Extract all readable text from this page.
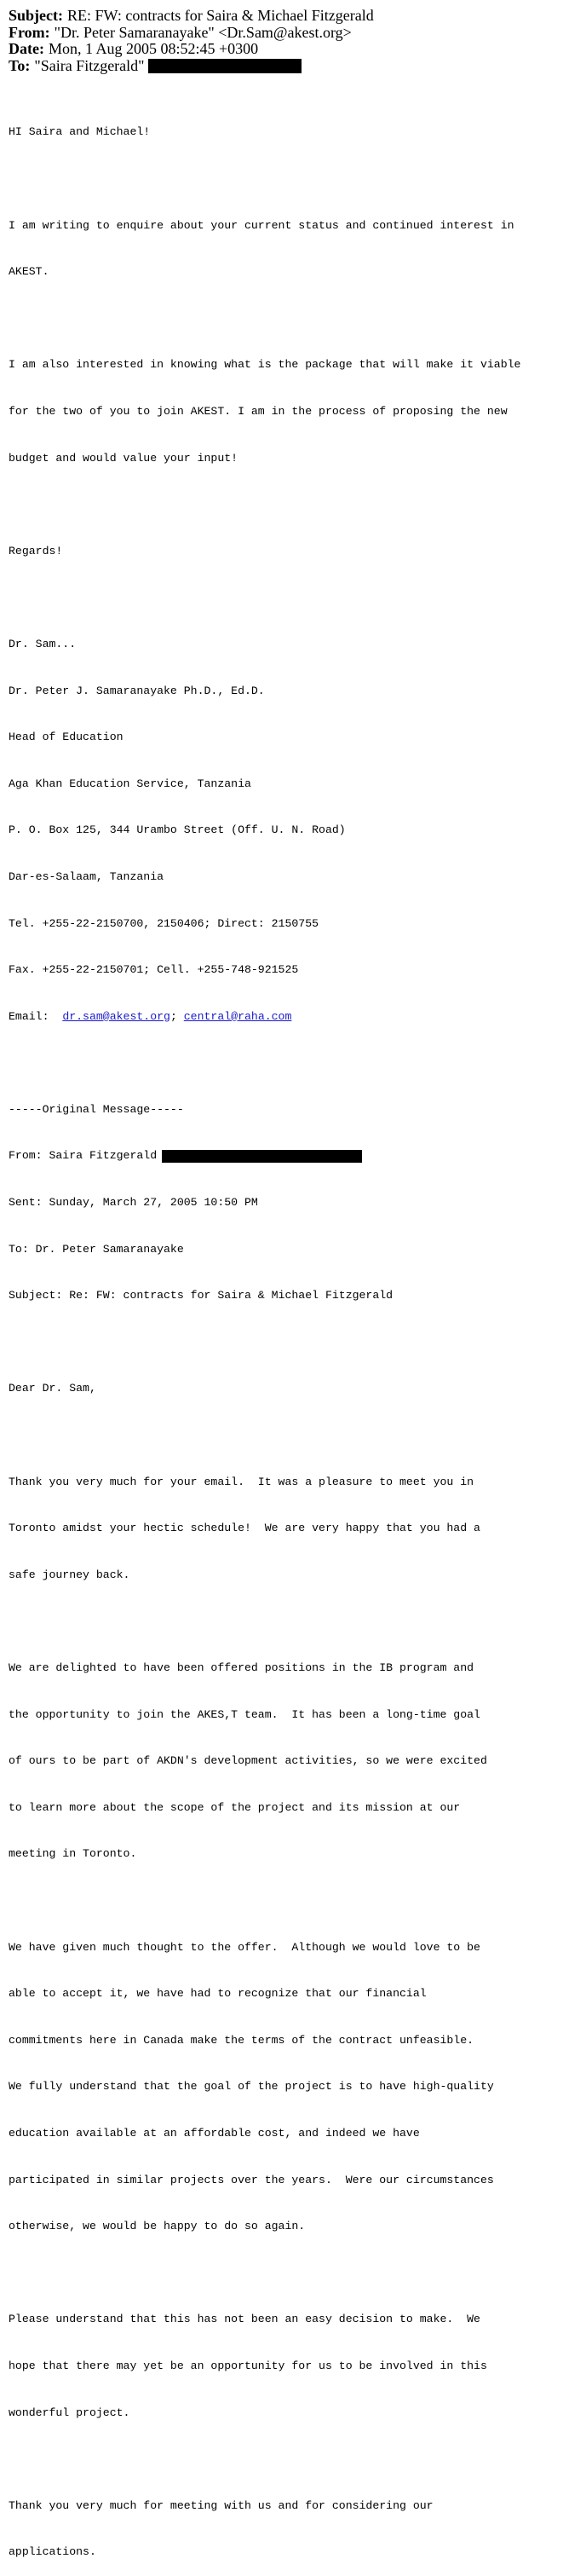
Subject: RE: FW: contracts for Saira & Michael Fitzgerald
From: "Dr. Peter Samaranayake" <Dr.Sam@akest.org>
Date: Mon, 1 Aug 2005 08:52:45 +0300
To: "Saira Fitzgerald"

HI Saira and Michael!

I am writing to enquire about your current status and continued interest in

AKEST.

I am also interested in knowing what is the package that will make it viable

for the two of you to join AKEST. I am in the process of proposing the new

budget and would value your input!

Regards!

Dr. Sam...

Dr. Peter J. Samaranayake Ph.D., Ed.D.

Head of Education

Aga Khan Education Service, Tanzania

P. O. Box 125, 344 Urambo Street (Off. U. N. Road)

Dar-es-Salaam, Tanzania

Tel. +255-22-2150700, 2150406; Direct: 2150755

Fax. +255-22-2150701; Cell. +255-748-921525

Email: dr.sam@akest.org ; central@raha.com

-----Original Message-----

From: Saira Fitzgerald

Sent: Sunday, March 27, 2005 10:50 PM

To: Dr. Peter Samaranayake

Subject: Re: FW: contracts for Saira & Michael Fitzgerald

Dear Dr. Sam,

Thank you very much for your email.  It was a pleasure to meet you in

Toronto amidst your hectic schedule!  We are very happy that you had a

safe journey back.

We are delighted to have been offered positions in the IB program and

the opportunity to join the AKES,T team.  It has been a long-time goal

of ours to be part of AKDN's development activities, so we were excited

to learn more about the scope of the project and its mission at our

meeting in Toronto.

We have given much thought to the offer.  Although we would love to be

able to accept it, we have had to recognize that our financial

commitments here in Canada make the terms of the contract unfeasible.

We fully understand that the goal of the project is to have high-quality

education available at an affordable cost, and indeed we have

participated in similar projects over the years.  Were our circumstances

otherwise, we would be happy to do so again.

Please understand that this has not been an easy decision to make.  We

hope that there may yet be an opportunity for us to be involved in this

wonderful project.

Thank you very much for meeting with us and for considering our

applications.
